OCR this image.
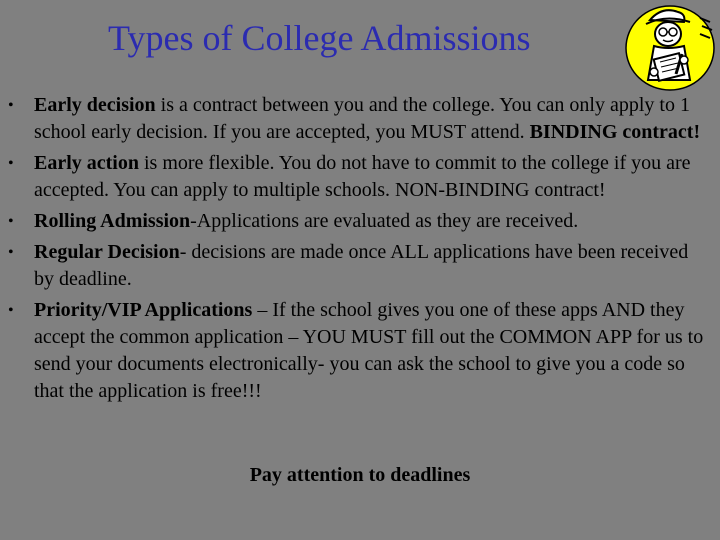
Types of College Admissions
• Early decision is a contract between you and the college. You can only apply to 1 school early decision. If you are accepted, you MUST attend. BINDING contract!
• Early action is more flexible. You do not have to commit to the college if you are accepted. You can apply to multiple schools. NON-BINDING contract!
• Rolling Admission-Applications are evaluated as they are received.
• Regular Decision- decisions are made once ALL applications have been received by deadline.
• Priority/VIP Applications – If the school gives you one of these apps AND they accept the common application – YOU MUST fill out the COMMON APP for us to send your documents electronically- you can ask the school to give you a code so that the application is free!!!
Pay attention to deadlines
